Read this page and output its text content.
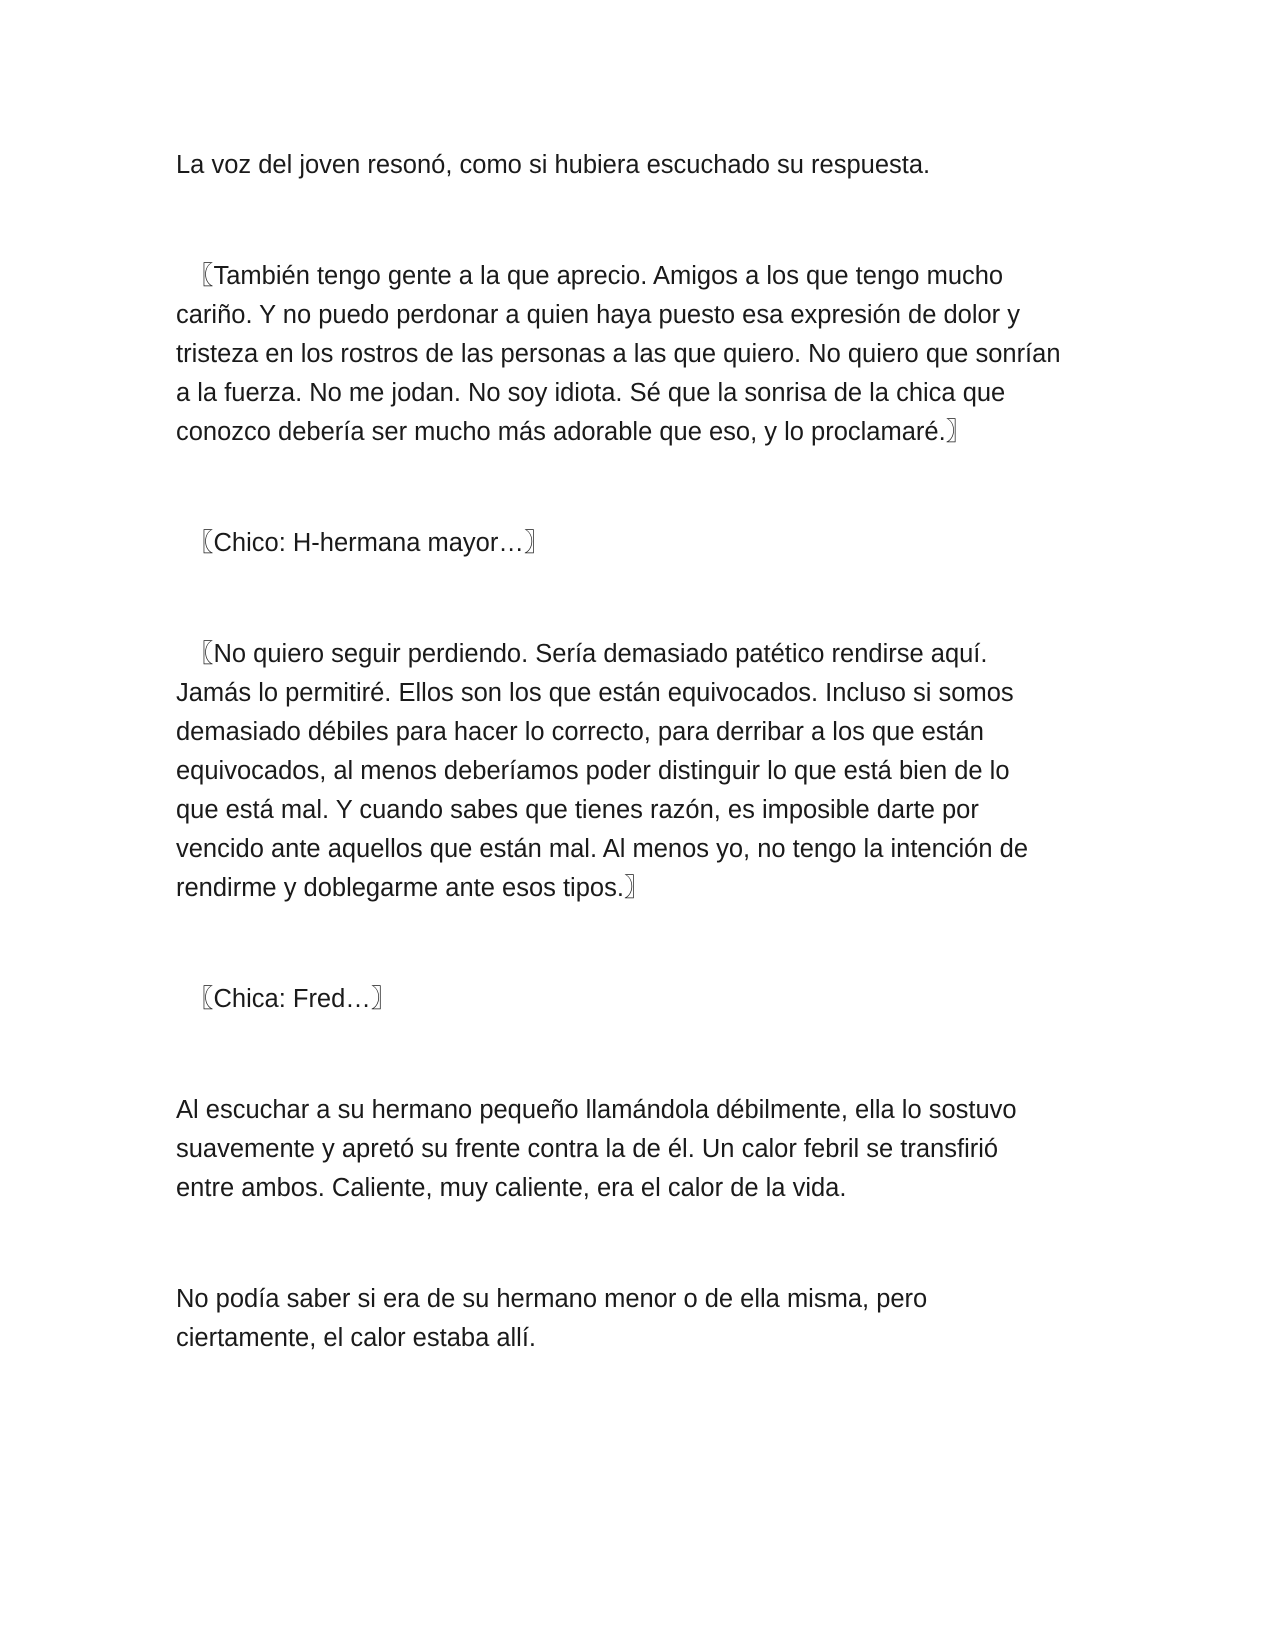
La voz del joven resonó, como si hubiera escuchado su respuesta.

〖También tengo gente a la que aprecio. Amigos a los que tengo mucho
cariño. Y no puedo perdonar a quien haya puesto esa expresión de dolor y
tristeza en los rostros de las personas a las que quiero. No quiero que sonrían
a la fuerza. No me jodan. No soy idiota. Sé que la sonrisa de la chica que
conozco debería ser mucho más adorable que eso, y lo proclamaré.〗

〖Chico: H-hermana mayor…〗

〖No quiero seguir perdiendo. Sería demasiado patético rendirse aquí.
Jamás lo permitiré. Ellos son los que están equivocados. Incluso si somos
demasiado débiles para hacer lo correcto, para derribar a los que están
equivocados, al menos deberíamos poder distinguir lo que está bien de lo
que está mal. Y cuando sabes que tienes razón, es imposible darte por
vencido ante aquellos que están mal. Al menos yo, no tengo la intención de
rendirme y doblegarme ante esos tipos.〗

〖Chica: Fred…〗

Al escuchar a su hermano pequeño llamándola débilmente, ella lo sostuvo
suavemente y apretó su frente contra la de él. Un calor febril se transfirió
entre ambos. Caliente, muy caliente, era el calor de la vida.

No podía saber si era de su hermano menor o de ella misma, pero
ciertamente, el calor estaba allí.
